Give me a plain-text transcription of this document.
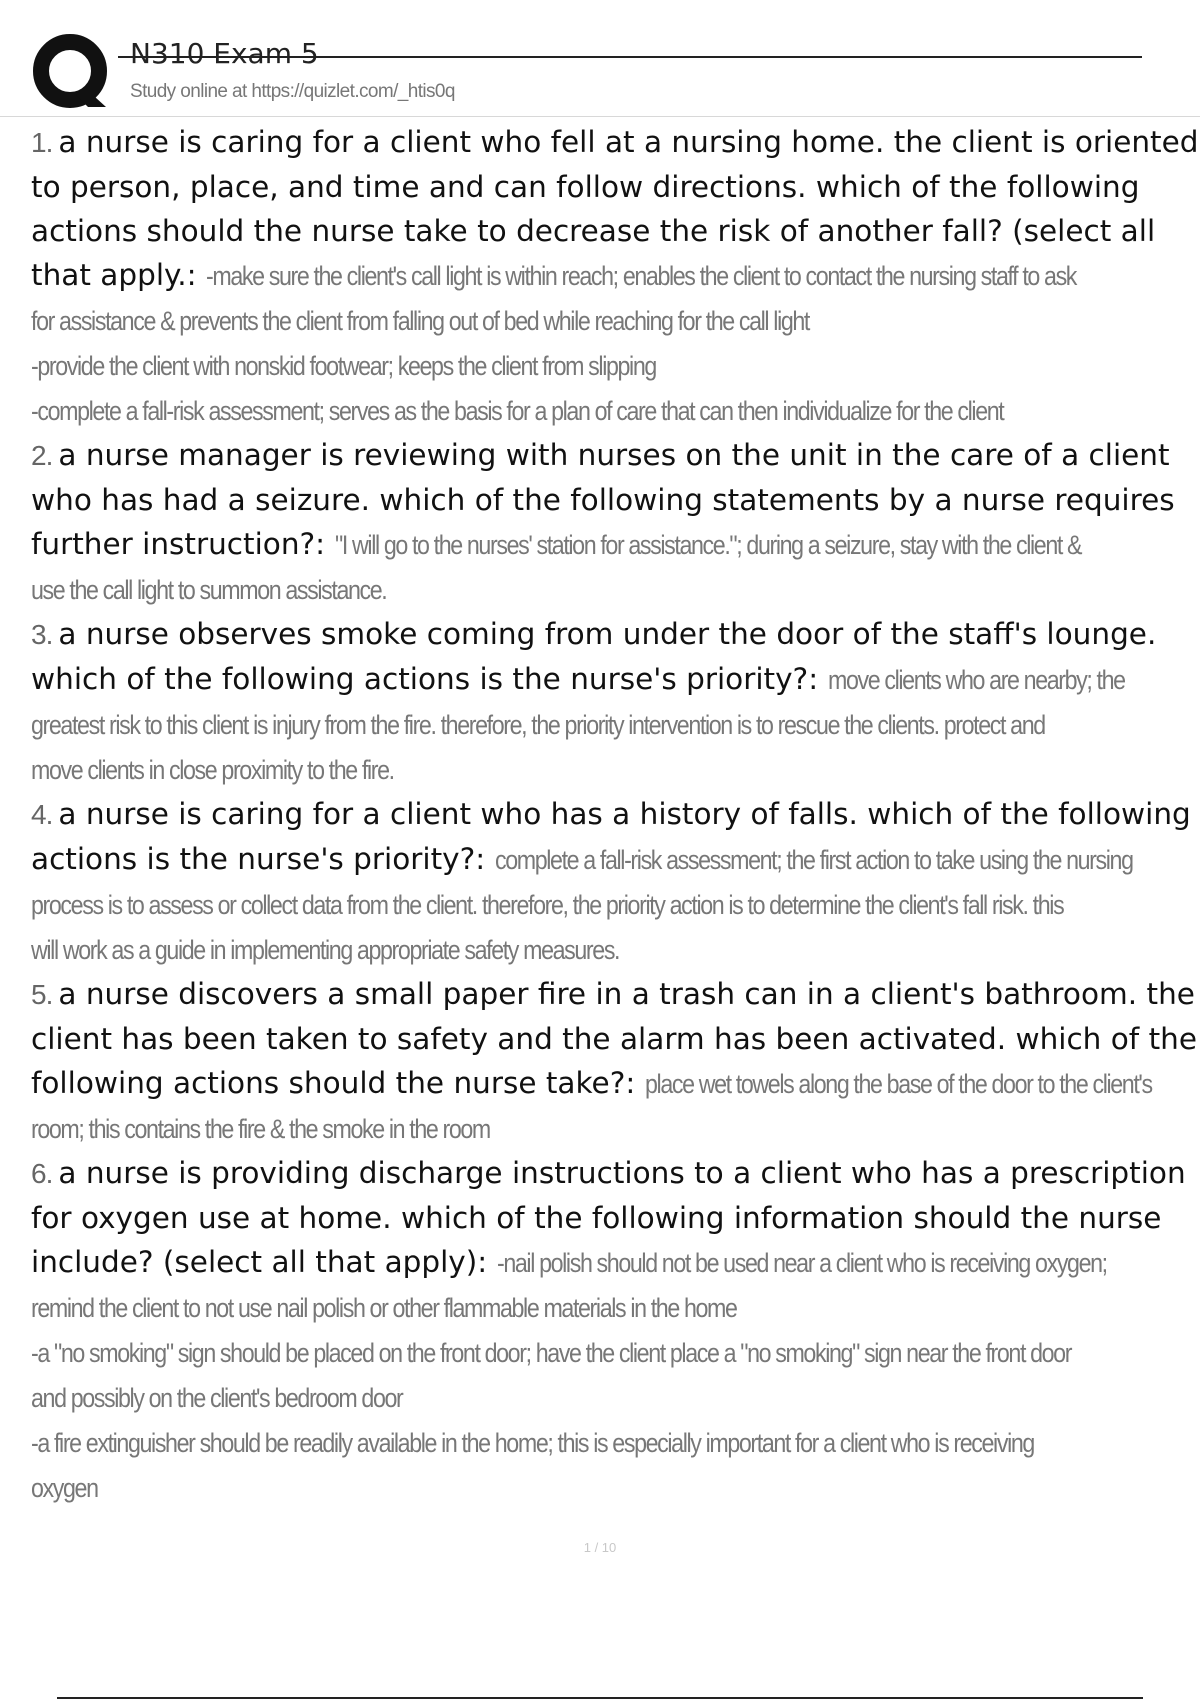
N310 Exam 5
Study online at https://quizlet.com/_htis0q
1. a nurse is caring for a client who fell at a nursing home. the client is oriented
to person, place, and time and can follow directions. which of the following
actions should the nurse take to decrease the risk of another fall? (select all
that apply.: -make sure the client's call light is within reach; enables the client to contact the nursing staff to ask
for assistance & prevents the client from falling out of bed while reaching for the call light
-provide the client with nonskid footwear; keeps the client from slipping
-complete a fall-risk assessment; serves as the basis for a plan of care that can then individualize for the client
2. a nurse manager is reviewing with nurses on the unit in the care of a client
who has had a seizure. which of the following statements by a nurse requires
further instruction?: "I will go to the nurses' station for assistance."; during a seizure, stay with the client &
use the call light to summon assistance.
3. a nurse observes smoke coming from under the door of the staff's lounge.
which of the following actions is the nurse's priority?: move clients who are nearby; the
greatest risk to this client is injury from the fire. therefore, the priority intervention is to rescue the clients. protect and
move clients in close proximity to the fire.
4. a nurse is caring for a client who has a history of falls. which of the following
actions is the nurse's priority?: complete a fall-risk assessment; the first action to take using the nursing
process is to assess or collect data from the client. therefore, the priority action is to determine the client's fall risk. this
will work as a guide in implementing appropriate safety measures.
5. a nurse discovers a small paper fire in a trash can in a client's bathroom. the
client has been taken to safety and the alarm has been activated. which of the
following actions should the nurse take?: place wet towels along the base of the door to the client's
room; this contains the fire & the smoke in the room
6. a nurse is providing discharge instructions to a client who has a prescription
for oxygen use at home. which of the following information should the nurse
include? (select all that apply): -nail polish should not be used near a client who is receiving oxygen;
remind the client to not use nail polish or other flammable materials in the home
-a "no smoking" sign should be placed on the front door; have the client place a "no smoking" sign near the front door
and possibly on the client's bedroom door
-a fire extinguisher should be readily available in the home; this is especially important for a client who is receiving
oxygen
1 / 10
